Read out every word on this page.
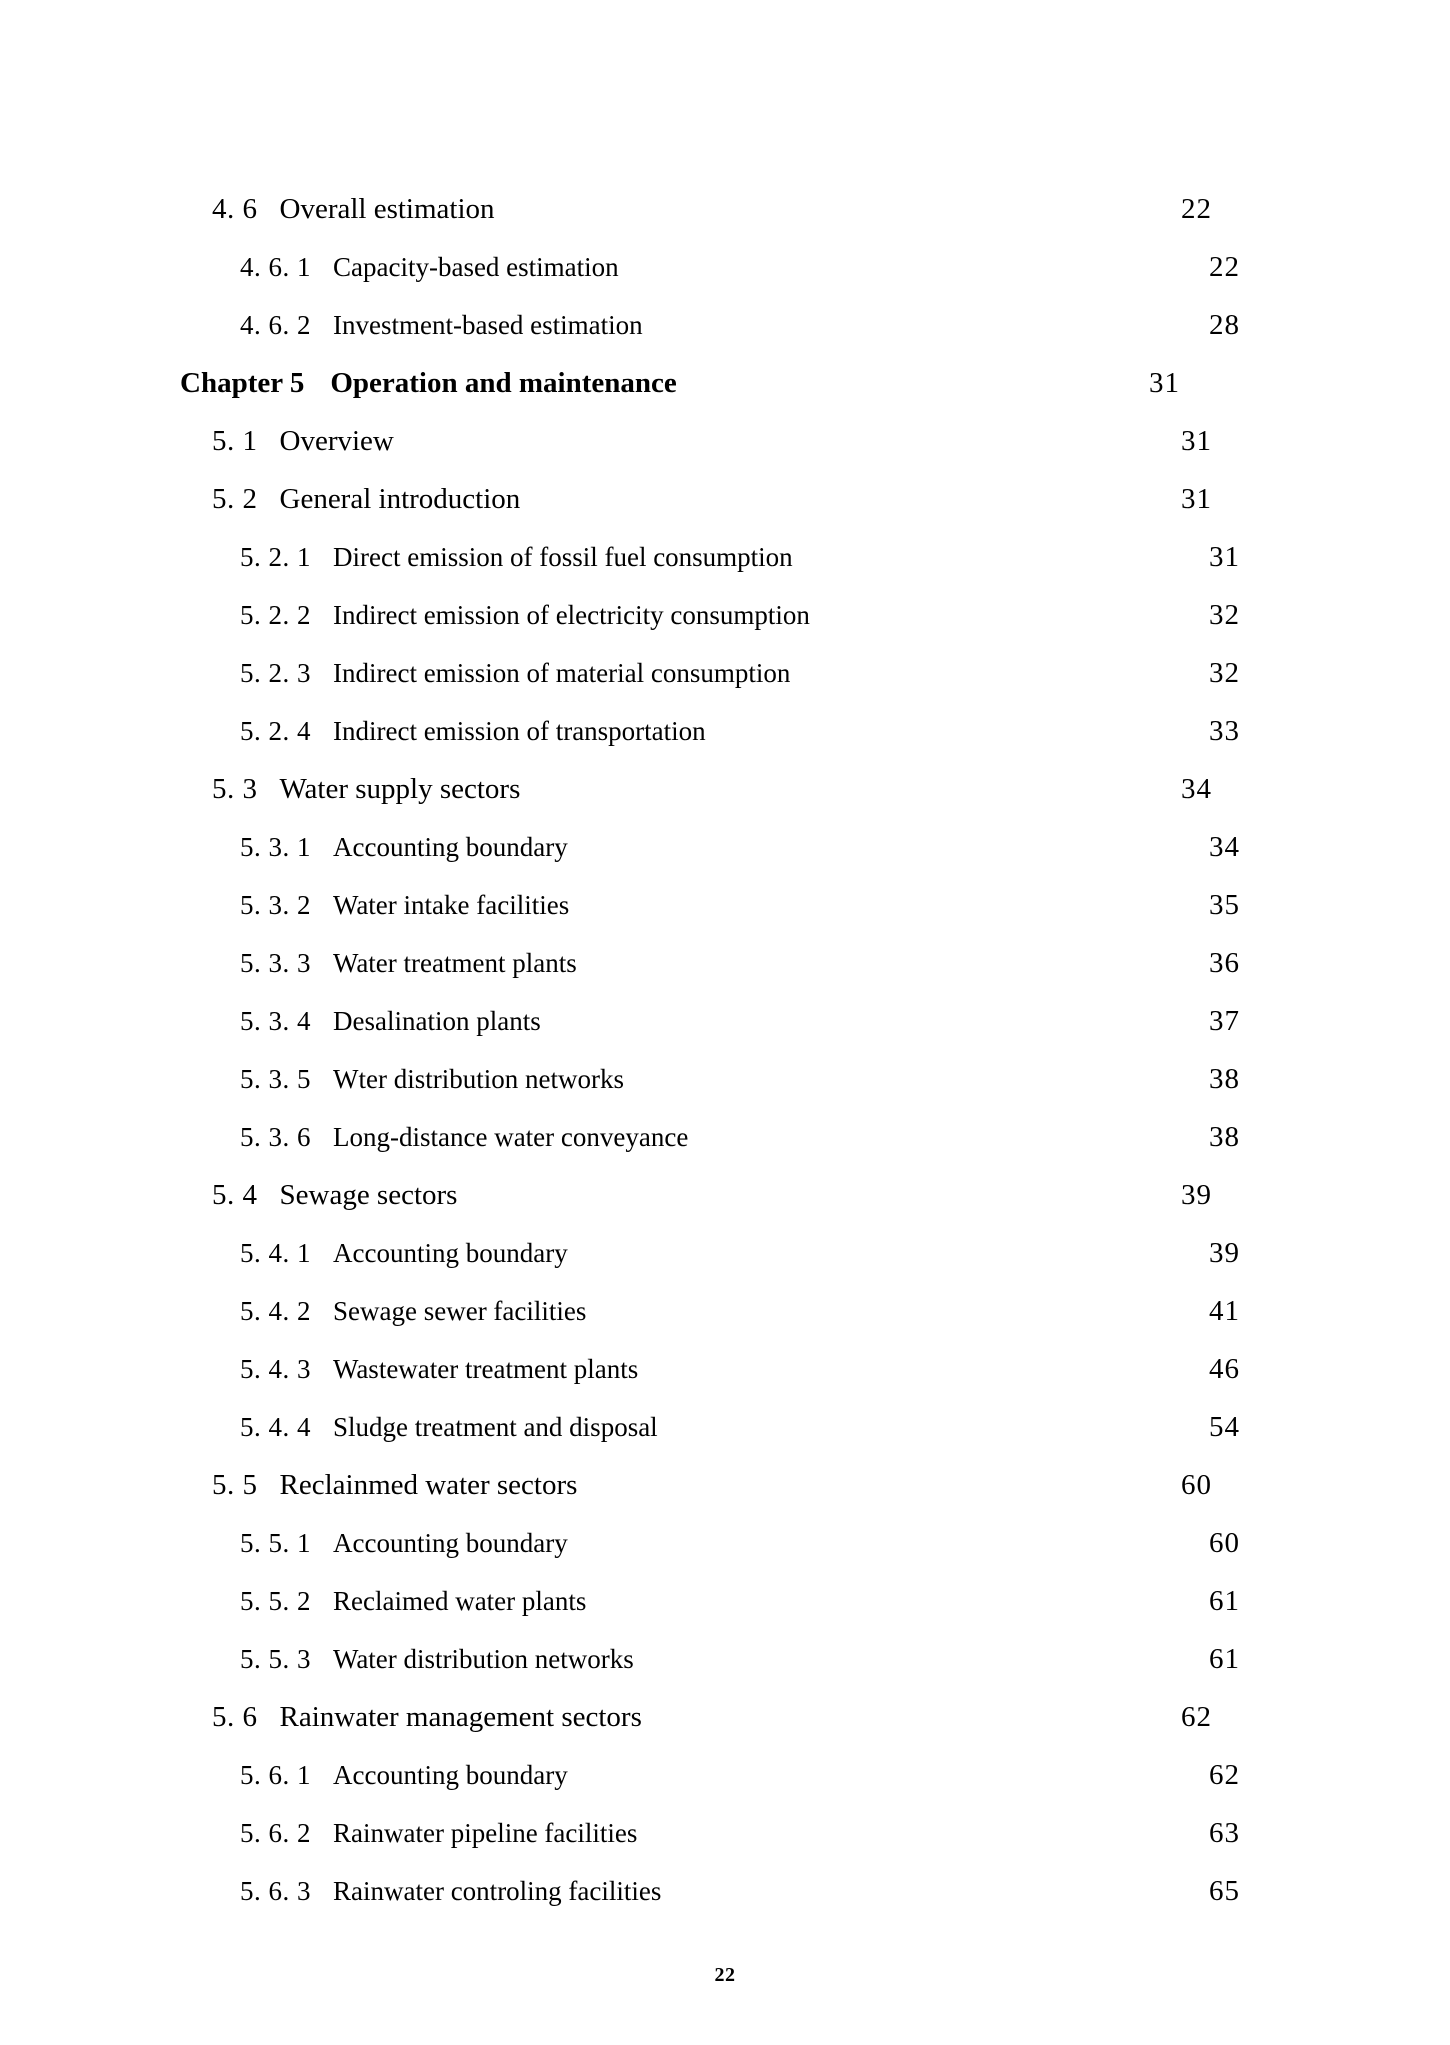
4. 6 Overall estimation ·····	22
4. 6. 1 Capacity-based estimation ·····	22
4. 6. 2 Investment-based estimation ·····	28
Chapter 5 Operation and maintenance ·····	31
5. 1 Overview ·····	31
5. 2 General introduction ·····	31
5. 2. 1 Direct emission of fossil fuel consumption ·····	31
5. 2. 2 Indirect emission of electricity consumption ·····	32
5. 2. 3 Indirect emission of material consumption ·····	32
5. 2. 4 Indirect emission of transportation ·····	33
5. 3 Water supply sectors ·····	34
5. 3. 1 Accounting boundary ·····	34
5. 3. 2 Water intake facilities ·····	35
5. 3. 3 Water treatment plants ·····	36
5. 3. 4 Desalination plants ·····	37
5. 3. 5 Wter distribution networks ·····	38
5. 3. 6 Long-distance water conveyance ·····	38
5. 4 Sewage sectors ·····	39
5. 4. 1 Accounting boundary ·····	39
5. 4. 2 Sewage sewer facilities ·····	41
5. 4. 3 Wastewater treatment plants ·····	46
5. 4. 4 Sludge treatment and disposal ·····	54
5. 5 Reclainmed water sectors ·····	60
5. 5. 1 Accounting boundary ·····	60
5. 5. 2 Reclaimed water plants ·····	61
5. 5. 3 Water distribution networks ·····	61
5. 6 Rainwater management sectors ·····	62
5. 6. 1 Accounting boundary ·····	62
5. 6. 2 Rainwater pipeline facilities ·····	63
5. 6. 3 Rainwater controling facilities ·····	65
22
